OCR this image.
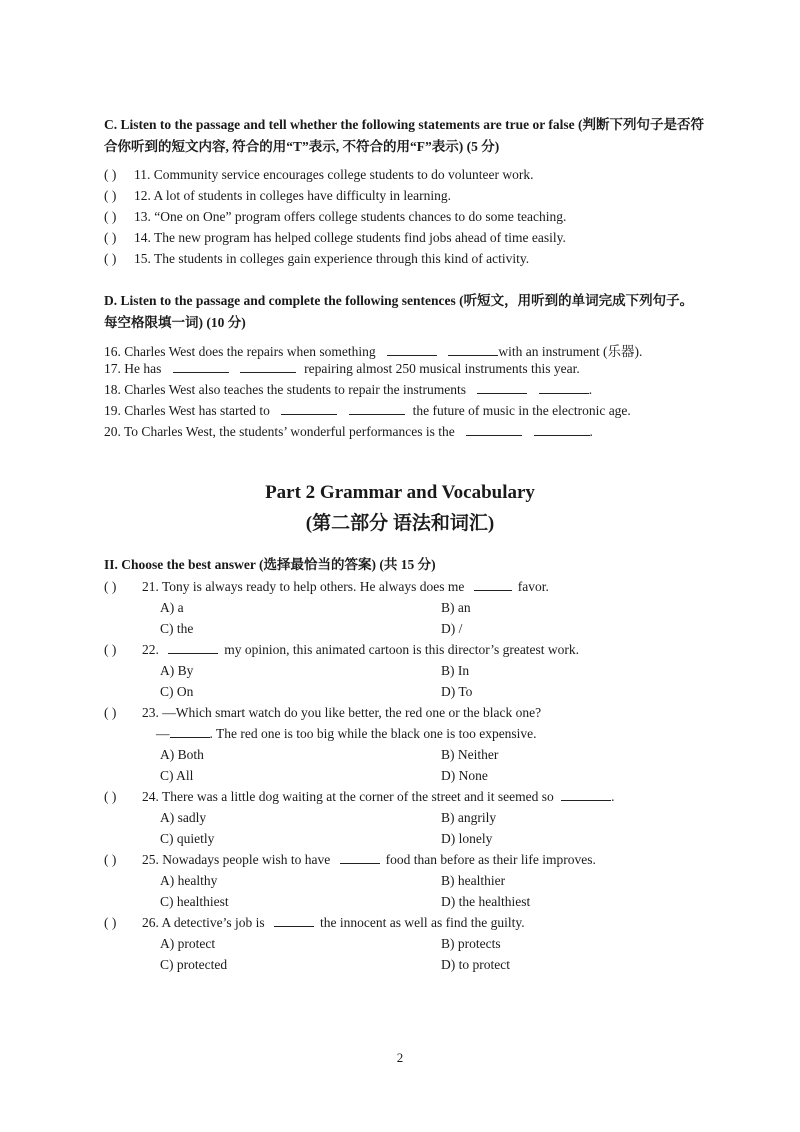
C. Listen to the passage and tell whether the following statements are true or false (判断下列句子是否符合你听到的短文内容, 符合的用“T”表示, 不符合的用“F”表示) (5 分)
( ) 11. Community service encourages college students to do volunteer work.
( ) 12. A lot of students in colleges have difficulty in learning.
( ) 13. “One on One” program offers college students chances to do some teaching.
( ) 14. The new program has helped college students find jobs ahead of time easily.
( ) 15. The students in colleges gain experience through this kind of activity.
D. Listen to the passage and complete the following sentences (听短文，用听到的单词完成下列句子。每空格限填一词) (10 分)
16. Charles West does the repairs when something	with an instrument (乐器).
17. He has	repairing almost 250 musical instruments this year.
18. Charles West also teaches the students to repair the instruments	.
19. Charles West has started to	the future of music in the electronic age.
20. To Charles West, the students’ wonderful performances is the	.
Part 2 Grammar and Vocabulary
(第二部分 语法和词汇)
II. Choose the best answer (选择最恰当的答案) (共 15 分)
( ) 21. Tony is always ready to help others. He always does me	favor.
A) a	B) an
C) the	D) /
( ) 22.	my opinion, this animated cartoon is this director’s greatest work.
A) By	B) In
C) On	D) To
( ) 23. —Which smart watch do you like better, the red one or the black one?
—	. The red one is too big while the black one is too expensive.
A) Both	B) Neither
C) All	D) None
( ) 24. There was a little dog waiting at the corner of the street and it seemed so	.
A) sadly	B) angrily
C) quietly	D) lonely
( ) 25. Nowadays people wish to have	food than before as their life improves.
A) healthy	B) healthier
C) healthiest	D) the healthiest
( ) 26. A detective’s job is	the innocent as well as find the guilty.
A) protect	B) protects
C) protected	D) to protect
2
